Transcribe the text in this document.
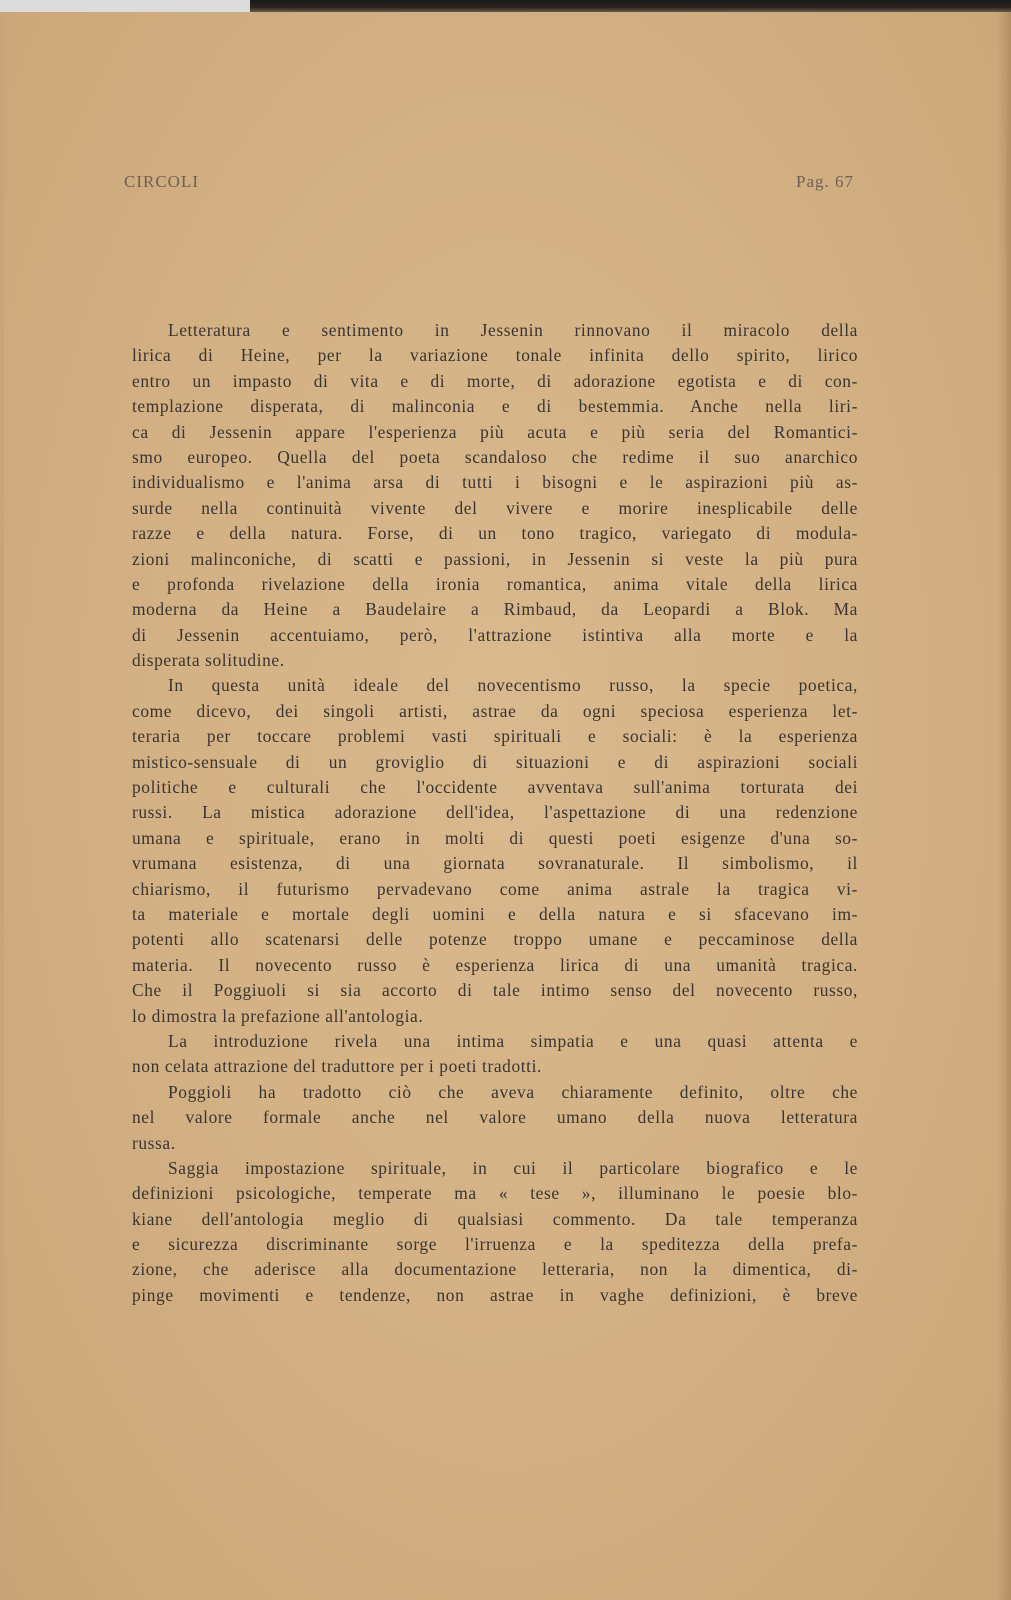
CIRCOLI	Pag. 67
Letteratura e sentimento in Jessenin rinnovano il miracolo della
lirica di Heine, per la variazione tonale infinita dello spirito, lirico
entro un impasto di vita e di morte, di adorazione egotista e di con-
templazione disperata, di malinconia e di bestemmia. Anche nella liri-
ca di Jessenin appare l'esperienza più acuta e più seria del Romantici-
smo europeo. Quella del poeta scandaloso che redime il suo anarchico
individualismo e l'anima arsa di tutti i bisogni e le aspirazioni più as-
surde nella continuità vivente del vivere e morire inesplicabile delle
razze e della natura. Forse, di un tono tragico, variegato di modula-
zioni malinconiche, di scatti e passioni, in Jessenin si veste la più pura
e profonda rivelazione della ironia romantica, anima vitale della lirica
moderna da Heine a Baudelaire a Rimbaud, da Leopardi a Blok. Ma
di Jessenin accentuiamo, però, l'attrazione istintiva alla morte e la
disperata solitudine.
In questa unità ideale del novecentismo russo, la specie poetica,
come dicevo, dei singoli artisti, astrae da ogni speciosa esperienza let-
teraria per toccare problemi vasti spirituali e sociali: è la esperienza
mistico-sensuale di un groviglio di situazioni e di aspirazioni sociali
politiche e culturali che l'occidente avventava sull'anima torturata dei
russi. La mistica adorazione dell'idea, l'aspettazione di una redenzione
umana e spirituale, erano in molti di questi poeti esigenze d'una so-
vrumana esistenza, di una giornata sovranaturale. Il simbolismo, il
chiarismo, il futurismo pervadevano come anima astrale la tragica vi-
ta materiale e mortale degli uomini e della natura e si sfacevano im-
potenti allo scatenarsi delle potenze troppo umane e peccaminose della
materia. Il novecento russo è esperienza lirica di una umanità tragica.
Che il Poggiuoli si sia accorto di tale intimo senso del novecento russo,
lo dimostra la prefazione all'antologia.
La introduzione rivela una intima simpatia e una quasi attenta e
non celata attrazione del traduttore per i poeti tradotti.
Poggioli ha tradotto ciò che aveva chiaramente definito, oltre che
nel valore formale anche nel valore umano della nuova letteratura
russa.
Saggia impostazione spirituale, in cui il particolare biografico e le
definizioni psicologiche, temperate ma « tese », illuminano le poesie blo-
kiane dell'antologia meglio di qualsiasi commento. Da tale temperanza
e sicurezza discriminante sorge l'irruenza e la speditezza della prefa-
zione, che aderisce alla documentazione letteraria, non la dimentica, di-
pinge movimenti e tendenze, non astrae in vaghe definizioni, è breve
